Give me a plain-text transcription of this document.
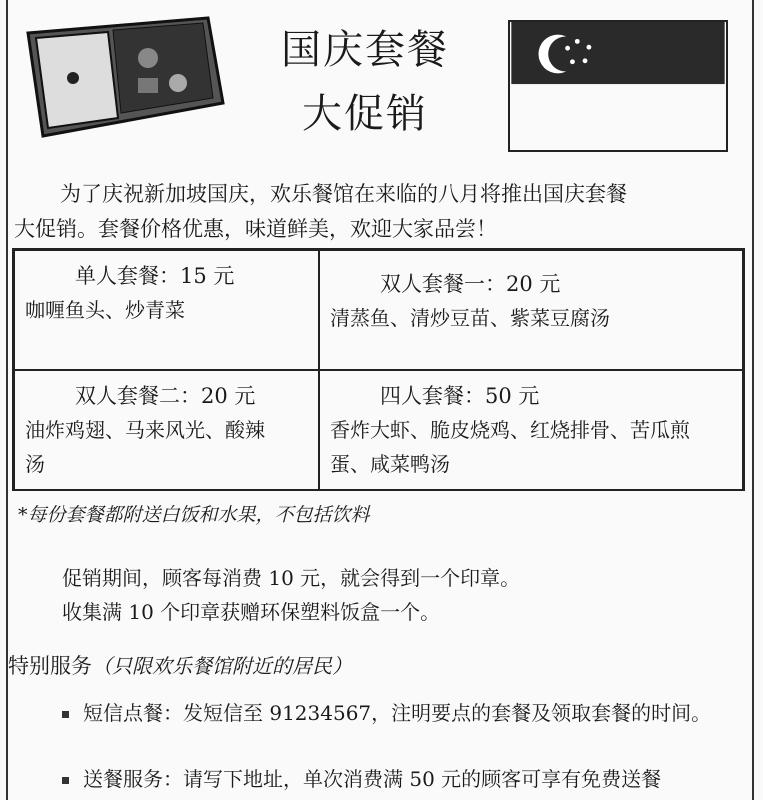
国庆套餐
大促销
为了庆祝新加坡国庆，欢乐餐馆在来临的八月将推出国庆套餐
大促销。套餐价格优惠，味道鲜美，欢迎大家品尝！
单人套餐：15 元
咖喱鱼头、炒青菜
双人套餐一：20 元
清蒸鱼、清炒豆苗、紫菜豆腐汤
双人套餐二：20 元
油炸鸡翅、马来风光、酸辣汤
四人套餐：50 元
香炸大虾、脆皮烧鸡、红烧排骨、苦瓜煎蛋、咸菜鸭汤
*每份套餐都附送白饭和水果，不包括饮料
促销期间，顾客每消费 10 元，就会得到一个印章。
收集满 10 个印章获赠环保塑料饭盒一个。
特别服务（只限欢乐餐馆附近的居民）
短信点餐：发短信至 91234567，注明要点的套餐及领取套餐的时间。
送餐服务：请写下地址，单次消费满 50 元的顾客可享有免费送餐
